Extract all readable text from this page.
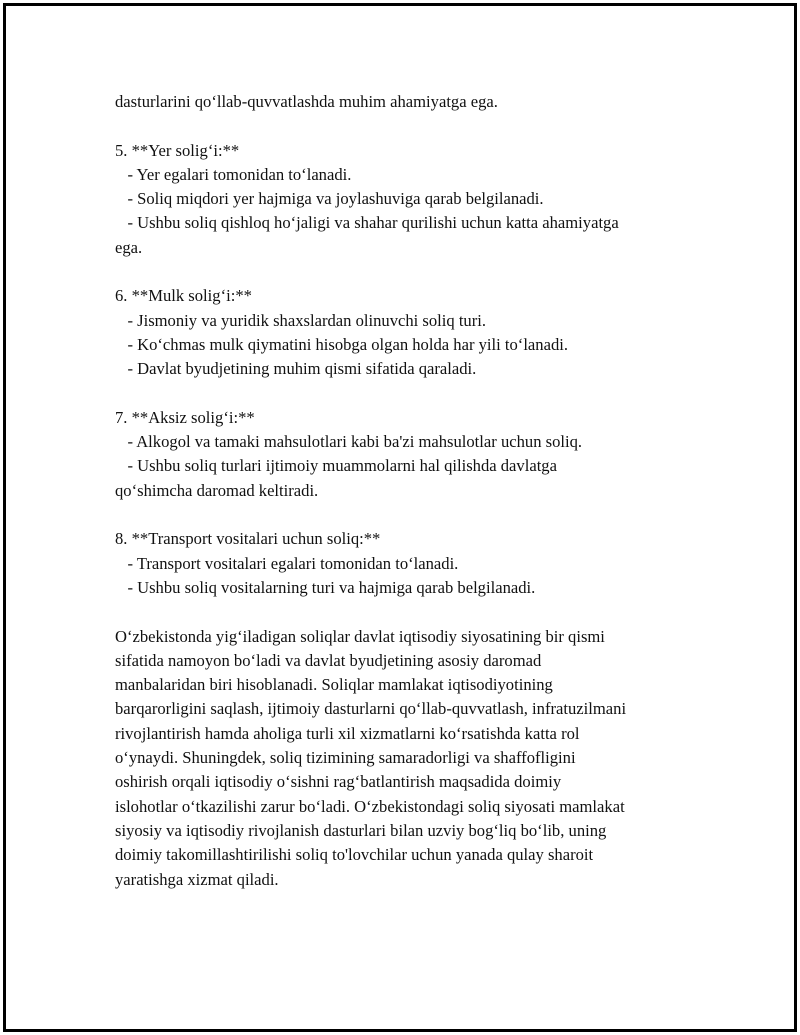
dasturlarini qo‘llab-quvvatlashda muhim ahamiyatga ega.

5. **Yer solig‘i:**

- Yer egalari tomonidan to‘lanadi.

- Soliq miqdori yer hajmiga va joylashuviga qarab belgilanadi.

- Ushbu soliq qishloq ho‘jaligi va shahar qurilishi uchun katta ahamiyatga

ega.

6. **Mulk solig‘i:**

- Jismoniy va yuridik shaxslardan olinuvchi soliq turi.

- Ko‘chmas mulk qiymatini hisobga olgan holda har yili to‘lanadi.

- Davlat byudjetining muhim qismi sifatida qaraladi.

7. **Aksiz solig‘i:**

- Alkogol va tamaki mahsulotlari kabi ba'zi mahsulotlar uchun soliq.

- Ushbu soliq turlari ijtimoiy muammolarni hal qilishda davlatga

qo‘shimcha daromad keltiradi.

8. **Transport vositalari uchun soliq:**

- Transport vositalari egalari tomonidan to‘lanadi.

- Ushbu soliq vositalarning turi va hajmiga qarab belgilanadi.

O‘zbekistonda yig‘iladigan soliqlar davlat iqtisodiy siyosatining bir qismi

sifatida namoyon bo‘ladi va davlat byudjetining asosiy daromad

manbalaridan biri hisoblanadi. Soliqlar mamlakat iqtisodiyotining

barqarorligini saqlash, ijtimoiy dasturlarni qo‘llab-quvvatlash, infratuzilmani

rivojlantirish hamda aholiga turli xil xizmatlarni ko‘rsatishda katta rol

o‘ynaydi. Shuningdek, soliq tizimining samaradorligi va shaffofligini

oshirish orqali iqtisodiy o‘sishni rag‘batlantirish maqsadida doimiy

islohotlar o‘tkazilishi zarur bo‘ladi. O‘zbekistondagi soliq siyosati mamlakat

siyosiy va iqtisodiy rivojlanish dasturlari bilan uzviy bog‘liq bo‘lib, uning

doimiy takomillashtirilishi soliq to'lovchilar uchun yanada qulay sharoit

yaratishga xizmat qiladi.
